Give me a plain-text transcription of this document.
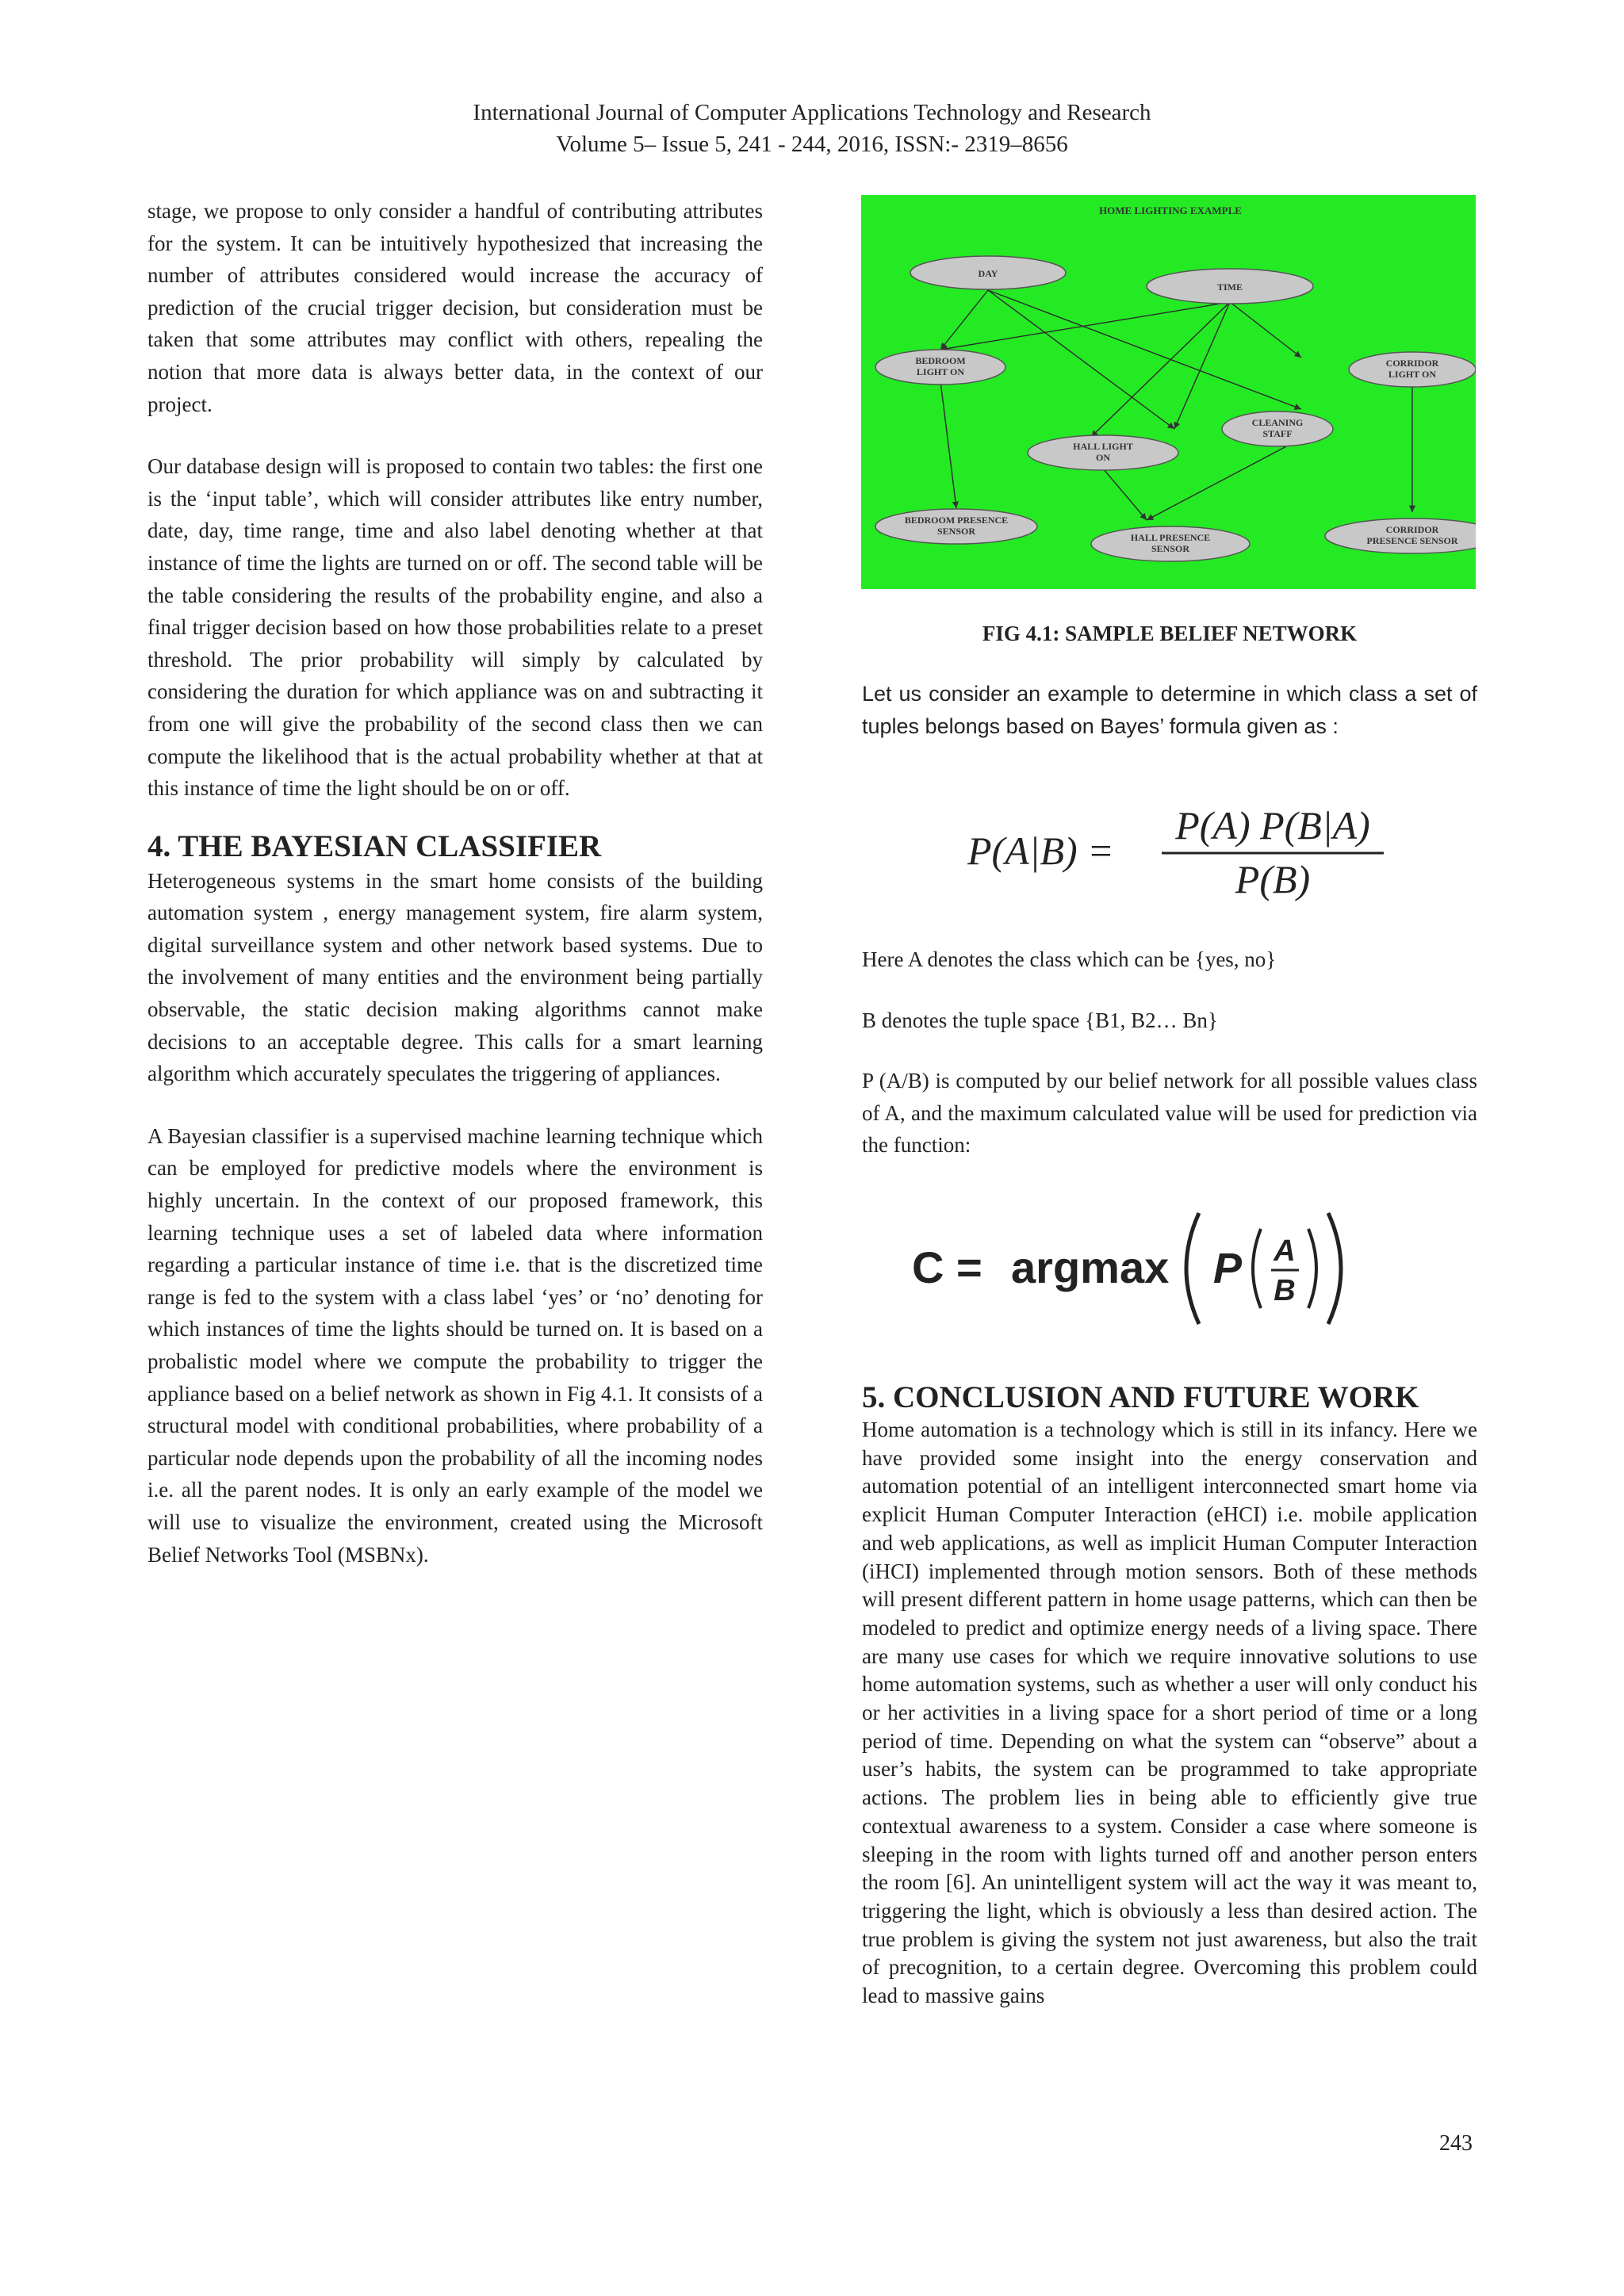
International Journal of Computer Applications Technology and Research
Volume 5– Issue 5, 241 - 244, 2016, ISSN:- 2319–8656

stage, we propose to only consider a handful of contributing attributes for the system. It can be intuitively hypothesized that increasing the number of attributes considered would increase the accuracy of prediction of the crucial trigger decision, but consideration must be taken that some attributes may conflict with others, repealing the notion that more data is always better data, in the context of our project.

Our database design will is proposed to contain two tables: the first one is the ‘input table’, which will consider attributes like entry number, date, day, time range, time and also label denoting whether at that instance of time the lights are turned on or off. The second table will be the table considering the results of the probability engine, and also a final trigger decision based on how those probabilities relate to a preset threshold. The prior probability will simply by calculated by considering the duration for which appliance was on and subtracting it from one will give the probability of the second class then we can compute the likelihood that is the actual probability whether at that at this instance of time the light should be on or off.

4. THE BAYESIAN CLASSIFIER

Heterogeneous systems in the smart home consists of the building automation system , energy management system, fire alarm system, digital surveillance system and other network based systems. Due to the involvement of many entities and the environment being partially observable, the static decision making algorithms cannot make decisions to an acceptable degree. This calls for a smart learning algorithm which accurately speculates the triggering of appliances.

A Bayesian classifier is a supervised machine learning technique which can be employed for predictive models where the environment is highly uncertain. In the context of our proposed framework, this learning technique uses a set of labeled data where information regarding a particular instance of time i.e. that is the discretized time range is fed to the system with a class label ‘yes’ or ‘no’ denoting for which instances of time the lights should be turned on. It is based on a probalistic model where we compute the probability to trigger the appliance based on a belief network as shown in Fig 4.1. It consists of a structural model with conditional probabilities, where probability of a particular node depends upon the probability of all the incoming nodes i.e. all the parent nodes. It is only an early example of the model we will use to visualize the environment, created using the Microsoft Belief Networks Tool (MSBNx).

HOME LIGHTING EXAMPLE
DAY
TIME
BEDROOM
LIGHT ON
CORRIDOR
LIGHT ON
CLEANING
STAFF
HALL LIGHT
ON
BEDROOM PRESENCE
SENSOR
HALL PRESENCE
SENSOR
CORRIDOR
PRESENCE SENSOR
FIG 4.1: SAMPLE BELIEF NETWORK

Let us consider an example to determine in which class a set of tuples belongs based on Bayes’ formula given as :

P(A|B) =
P(A) P(B|A)
P(B)

Here A denotes the class which can be {yes, no}

B denotes the tuple space {B1, B2… Bn}

P (A/B) is computed by our belief network for all possible values class of A, and the maximum calculated value will be used for prediction via the function:

C = argmax P A
B
5. CONCLUSION AND FUTURE WORK

Home automation is a technology which is still in its infancy. Here we have provided some insight into the energy conservation and automation potential of an intelligent interconnected smart home via explicit Human Computer Interaction (eHCI) i.e. mobile application and web applications, as well as implicit Human Computer Interaction (iHCI) implemented through motion sensors. Both of these methods will present different pattern in home usage patterns, which can then be modeled to predict and optimize energy needs of a living space. There are many use cases for which we require innovative solutions to use home automation systems, such as whether a user will only conduct his or her activities in a living space for a short period of time or a long period of time. Depending on what the system can “observe” about a user’s habits, the system can be programmed to take appropriate actions. The problem lies in being able to efficiently give true contextual awareness to a system. Consider a case where someone is sleeping in the room with lights turned off and another person enters the room [6]. An unintelligent system will act the way it was meant to, triggering the light, which is obviously a less than desired action. The true problem is giving the system not just awareness, but also the trait of precognition, to a certain degree. Overcoming this problem could lead to massive gains

243
